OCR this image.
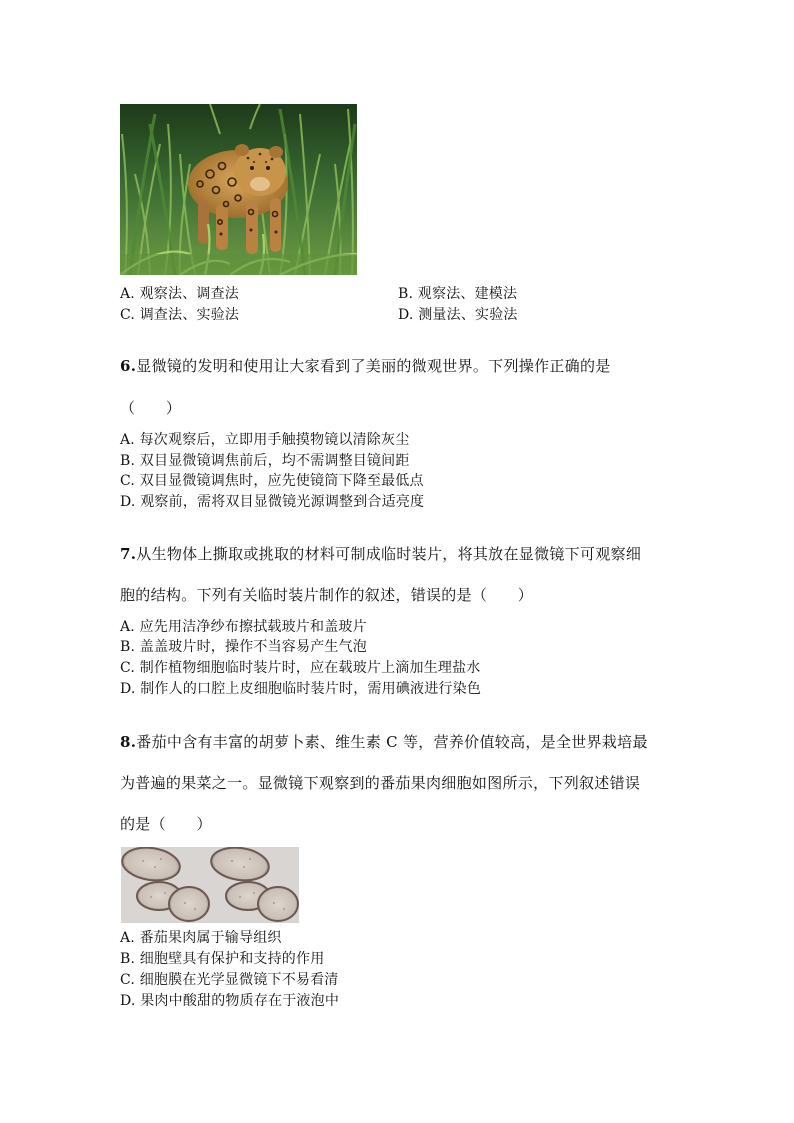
A. 观察法、调查法	B. 观察法、建模法
C. 调查法、实验法	D. 测量法、实验法
6.显微镜的发明和使用让大家看到了美丽的微观世界。下列操作正确的是
（　　）
A. 每次观察后，立即用手触摸物镜以清除灰尘
B. 双目显微镜调焦前后，均不需调整目镜间距
C. 双目显微镜调焦时，应先使镜筒下降至最低点
D. 观察前，需将双目显微镜光源调整到合适亮度
7.从生物体上撕取或挑取的材料可制成临时装片，将其放在显微镜下可观察细
胞的结构。下列有关临时装片制作的叙述，错误的是（　　）
A. 应先用洁净纱布擦拭载玻片和盖玻片
B. 盖盖玻片时，操作不当容易产生气泡
C. 制作植物细胞临时装片时，应在载玻片上滴加生理盐水
D. 制作人的口腔上皮细胞临时装片时，需用碘液进行染色
8.番茄中含有丰富的胡萝卜素、维生素 C 等，营养价值较高，是全世界栽培最
为普遍的果菜之一。显微镜下观察到的番茄果肉细胞如图所示，下列叙述错误
的是（　　）
A. 番茄果肉属于输导组织
B. 细胞壁具有保护和支持的作用
C. 细胞膜在光学显微镜下不易看清
D. 果肉中酸甜的物质存在于液泡中
